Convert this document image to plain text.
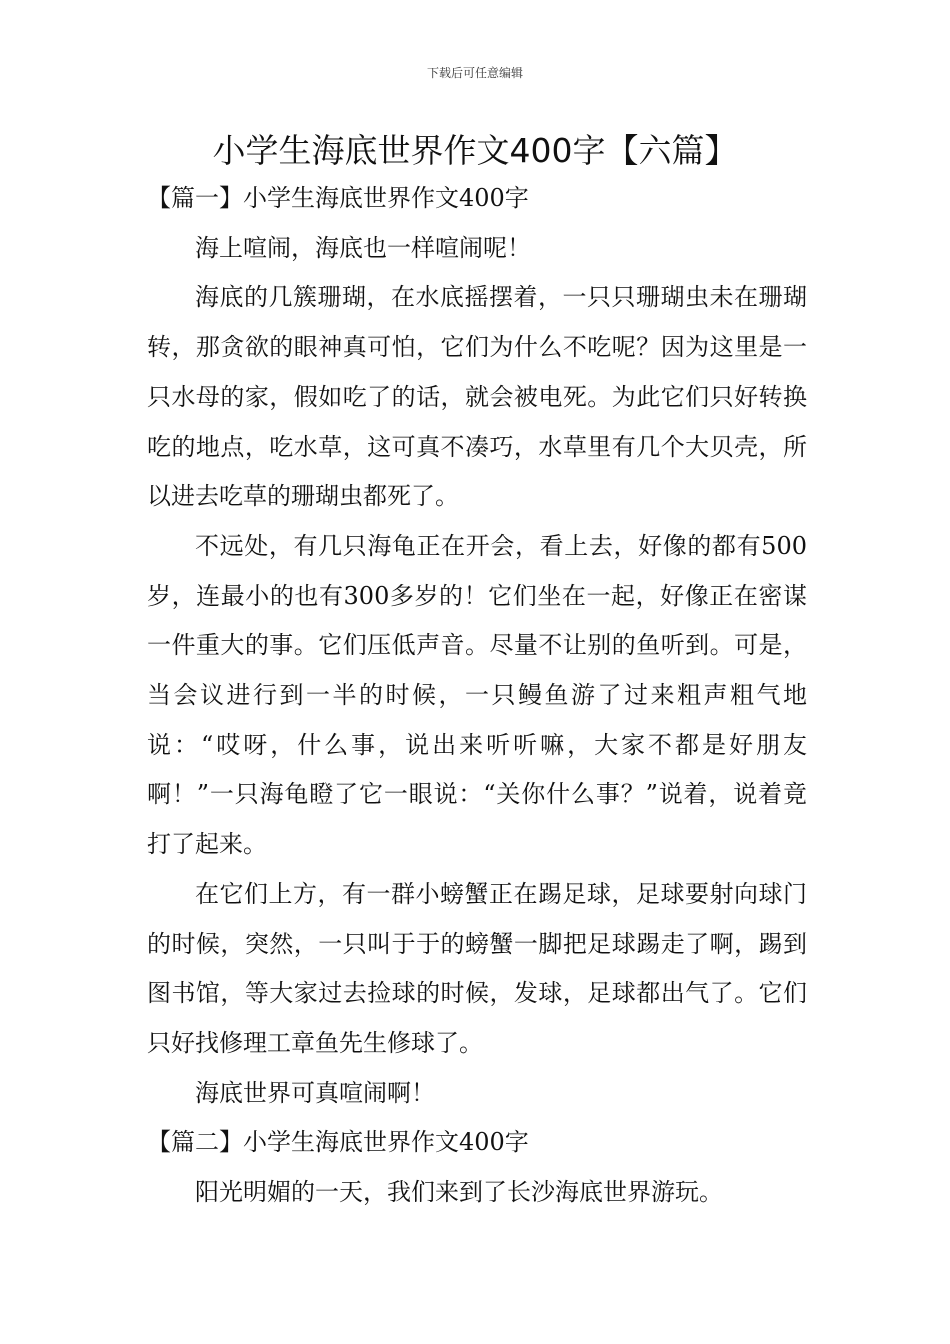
下载后可任意编辑
小学生海底世界作文400字【六篇】

【篇一】小学生海底世界作文400字

海上喧闹，海底也一样喧闹呢！

海底的几簇珊瑚，在水底摇摆着，一只只珊瑚虫未在珊瑚转，那贪欲的眼神真可怕，它们为什么不吃呢？因为这里是一只水母的家，假如吃了的话，就会被电死。为此它们只好转换吃的地点，吃水草，这可真不凑巧，水草里有几个大贝壳，所以进去吃草的珊瑚虫都死了。

不远处，有几只海龟正在开会，看上去，好像的都有500岁，连最小的也有300多岁的！它们坐在一起，好像正在密谋一件重大的事。它们压低声音。尽量不让别的鱼听到。可是，当会议进行到一半的时候，一只鳗鱼游了过来粗声粗气地说：“哎呀，什么事，说出来听听嘛，大家不都是好朋友啊！”一只海龟瞪了它一眼说：“关你什么事？”说着，说着竟打了起来。

在它们上方，有一群小螃蟹正在踢足球，足球要射向球门的时候，突然，一只叫于于的螃蟹一脚把足球踢走了啊，踢到图书馆，等大家过去捡球的时候，发球，足球都出气了。它们只好找修理工章鱼先生修球了。

海底世界可真喧闹啊！

【篇二】小学生海底世界作文400字

阳光明媚的一天，我们来到了长沙海底世界游玩。
